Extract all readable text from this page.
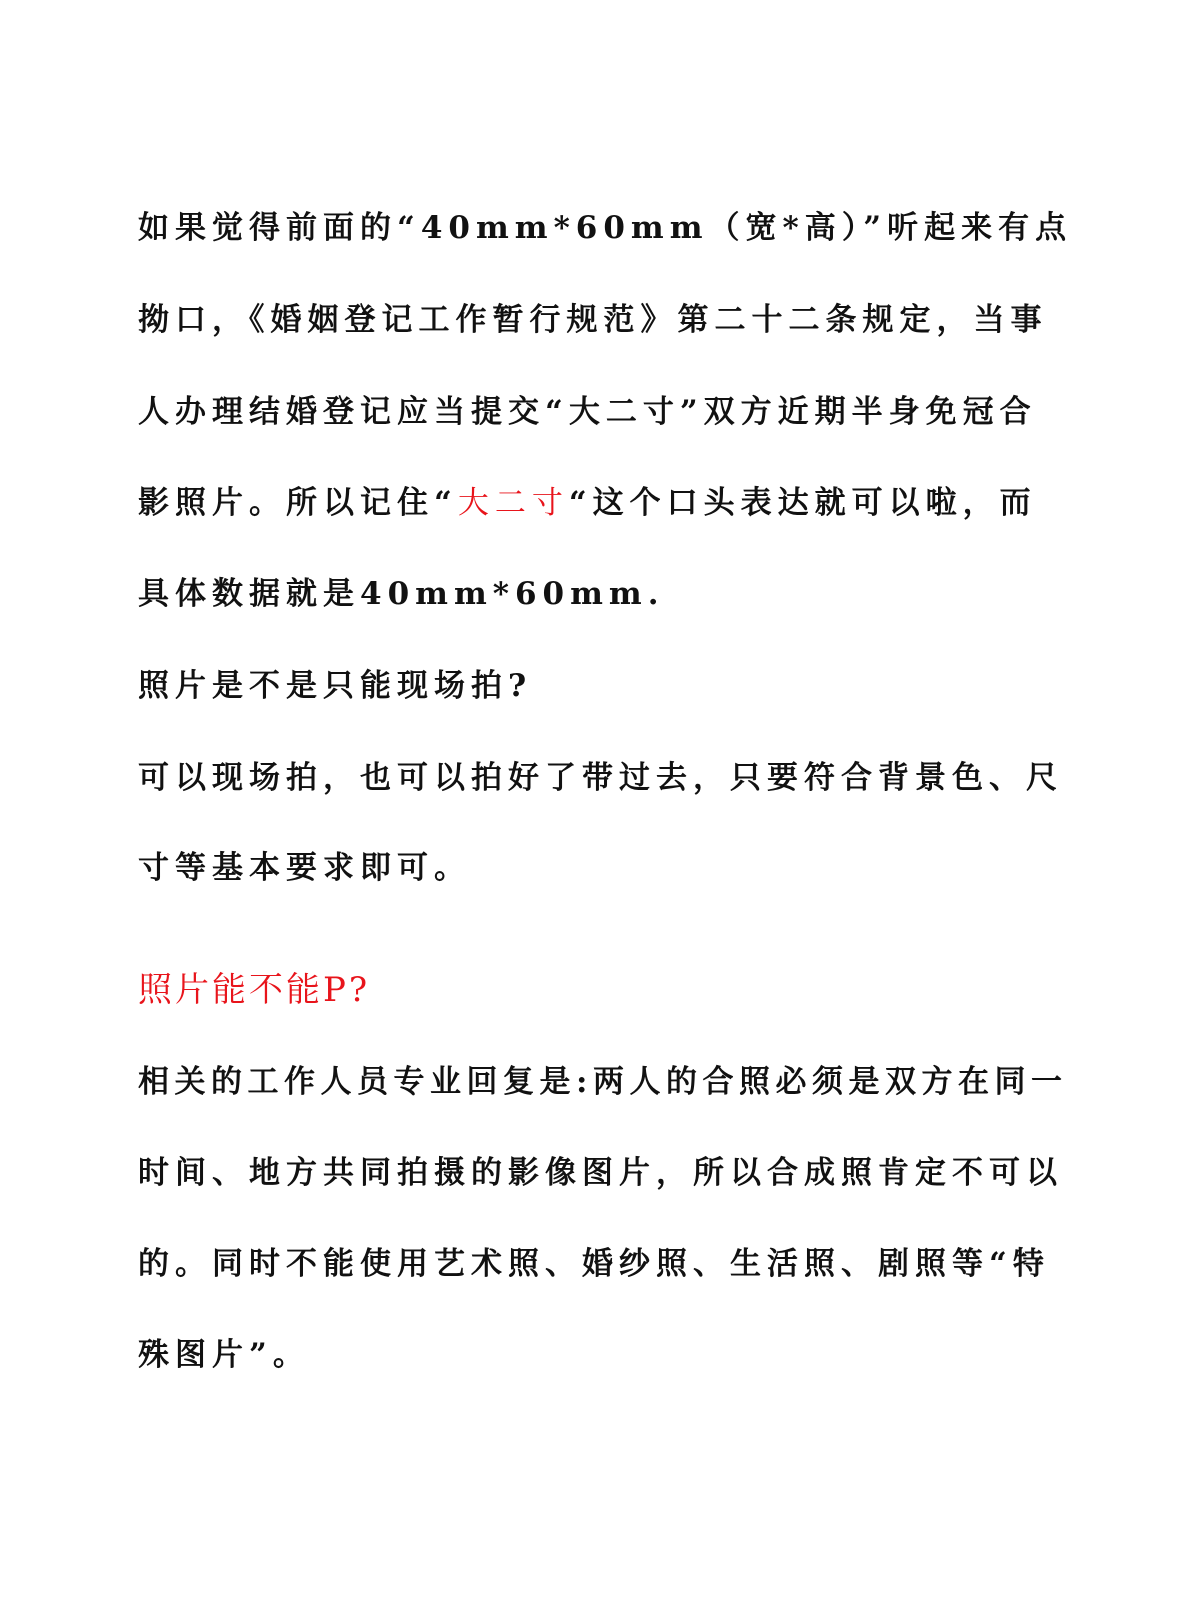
如果觉得前面的“40mm*60mm（宽*高）”听起来有点
拗口，《婚姻登记工作暂行规范》第二十二条规定，当事
人办理结婚登记应当提交“大二寸”双方近期半身免冠合
影照片。所以记住“大二寸“这个口头表达就可以啦，而
具体数据就是40mm*60mm.
照片是不是只能现场拍?
可以现场拍，也可以拍好了带过去，只要符合背景色、尺
寸等基本要求即可。
照片能不能P?
相关的工作人员专业回复是:两人的合照必须是双方在同一
时间、地方共同拍摄的影像图片，所以合成照肯定不可以
的。同时不能使用艺术照、婚纱照、生活照、剧照等“特
殊图片”。
